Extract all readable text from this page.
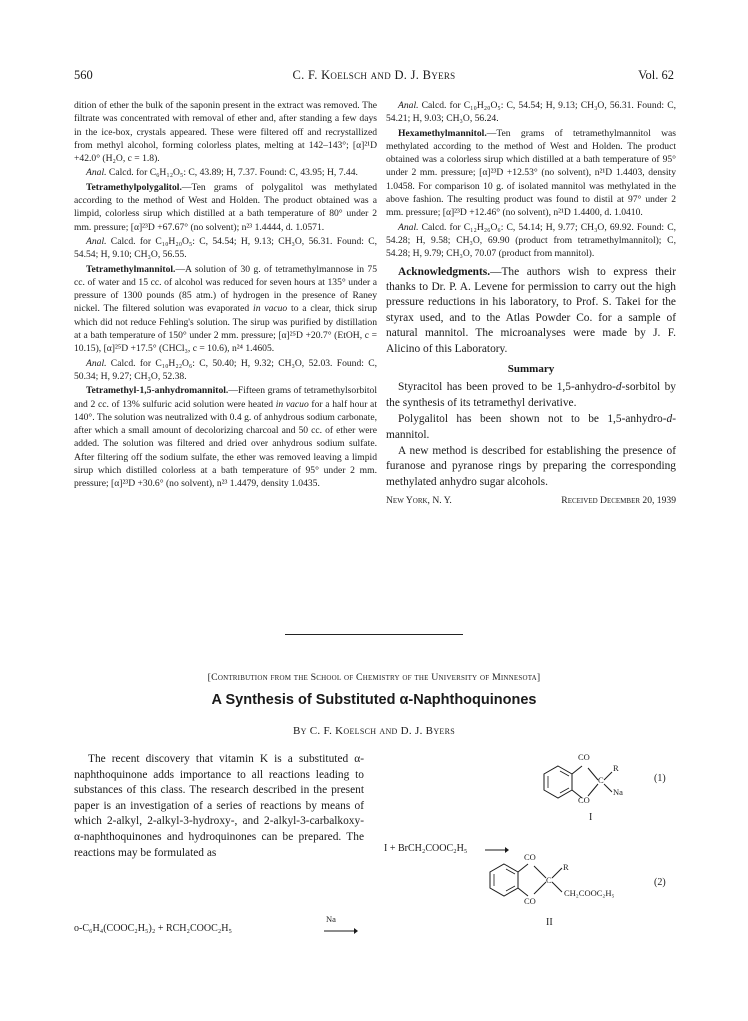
560	C. F. Koelsch and D. J. Byers	Vol. 62

dition of ether the bulk of the saponin present in the extract was removed. The filtrate was concentrated with removal of ether and, after standing a few days in the ice-box, crystals appeared. These were filtered off and recrystallized from methyl alcohol, forming colorless plates, melting at 142–143°; [α]²¹D +42.0° (H₂O, c = 1.8).

Anal. Calcd. for C₆H₁₂O₅: C, 43.89; H, 7.37. Found: C, 43.95; H, 7.44.

Tetramethylpolygalitol.—Ten grams of polygalitol was methylated according to the method of West and Holden. The product obtained was a limpid, colorless sirup which distilled at a bath temperature of 80° under 2 mm. pressure; [α]²³D +67.67° (no solvent); n²³ 1.4444, d. 1.0571.

Anal. Calcd. for C₁₀H₂₀O₅: C, 54.54; H, 9.13; CH₃O, 56.31. Found: C, 54.54; H, 9.10; CH₃O, 56.55.

Tetramethylmannitol.—A solution of 30 g. of tetramethylmannose in 75 cc. of water and 15 cc. of alcohol was reduced for seven hours at 135° under a pressure of 1300 pounds (85 atm.) of hydrogen in the presence of Raney nickel. The filtered solution was evaporated in vacuo to a clear, thick sirup which did not reduce Fehling's solution. The sirup was purified by distillation at a bath temperature of 150° under 2 mm. pressure; [α]²⁵D +20.7° (EtOH, c = 10.15), [α]²⁵D +17.5° (CHCl₃, c = 10.6), n²⁴ 1.4605.

Anal. Calcd. for C₁₀H₂₂O₆: C, 50.40; H, 9.32; CH₃O, 52.03. Found: C, 50.34; H, 9.27; CH₃O, 52.38.

Tetramethyl-1,5-anhydromannitol.—Fifteen grams of tetramethylsorbitol and 2 cc. of 13% sulfuric acid solution were heated in vacuo for a half hour at 140°. The solution was neutralized with 0.4 g. of anhydrous sodium carbonate, after which a small amount of decolorizing charcoal and 50 cc. of ether were added. The solution was filtered and dried over anhydrous sodium sulfate. After filtering off the sodium sulfate, the ether was removed leaving a limpid sirup which distilled colorless at a bath temperature of 95° under 2 mm. pressure; [α]²³D +30.6° (no solvent), n²³ 1.4479, density 1.0435.

Anal. Calcd. for C₁₀H₂₀O₅: C, 54.54; H, 9.13; CH₃O, 56.31. Found: C, 54.21; H, 9.03; CH₃O, 56.24.

Hexamethylmannitol.—Ten grams of tetramethylmannitol was methylated according to the method of West and Holden. The product obtained was a colorless sirup which distilled at a bath temperature of 95° under 2 mm. pressure; [α]²³D +12.53° (no solvent), n²¹D 1.4403, density 1.0458. For comparison 10 g. of isolated mannitol was methylated in the above fashion. The resulting product was found to distil at 97° under 2 mm. pressure; [α]²³D +12.46° (no solvent), n²¹D 1.4400, d. 1.0410.

Anal. Calcd. for C₁₂H₂₆O₆: C, 54.14; H, 9.77; CH₃O, 69.92. Found: C, 54.28; H, 9.58; CH₃O, 69.90 (product from tetramethylmannitol); C, 54.28; H, 9.79; CH₃O, 70.07 (product from mannitol).

Acknowledgments.—The authors wish to express their thanks to Dr. P. A. Levene for permission to carry out the high pressure reductions in his laboratory, to Prof. S. Takei for the styrax used, and to the Atlas Powder Co. for a sample of natural mannitol. The microanalyses were made by J. F. Alicino of this Laboratory.

Summary

Styracitol has been proved to be 1,5-anhydro-d-sorbitol by the synthesis of its tetramethyl derivative.

Polygalitol has been shown not to be 1,5-anhydro-d-mannitol.

A new method is described for establishing the presence of furanose and pyranose rings by preparing the corresponding methylated anhydro sugar alcohols.

New York, N. Y.	Received December 20, 1939
[Contribution from the School of Chemistry of the University of Minnesota]
A Synthesis of Substituted α-Naphthoquinones
By C. F. Koelsch and D. J. Byers

The recent discovery that vitamin K is a substituted α-naphthoquinone adds importance to all reactions leading to substances of this class. The research described in the present paper is an investigation of a series of reactions by means of which 2-alkyl, 2-alkyl-3-hydroxy-, and 2-alkyl-3-carbalkoxy-α-naphthoquinones and hydroquinones can be prepared. The reactions may be formulated as

o-C₆H₄(COOC₂H₅)₂ + RCH₂COOC₂H₅
Na
CO
CO
C
R
Na
(1)
I
I + BrCH₂COOC₂H₅ →
CO
CO
C
R
CH₂COOC₂H₅
(2)
II
